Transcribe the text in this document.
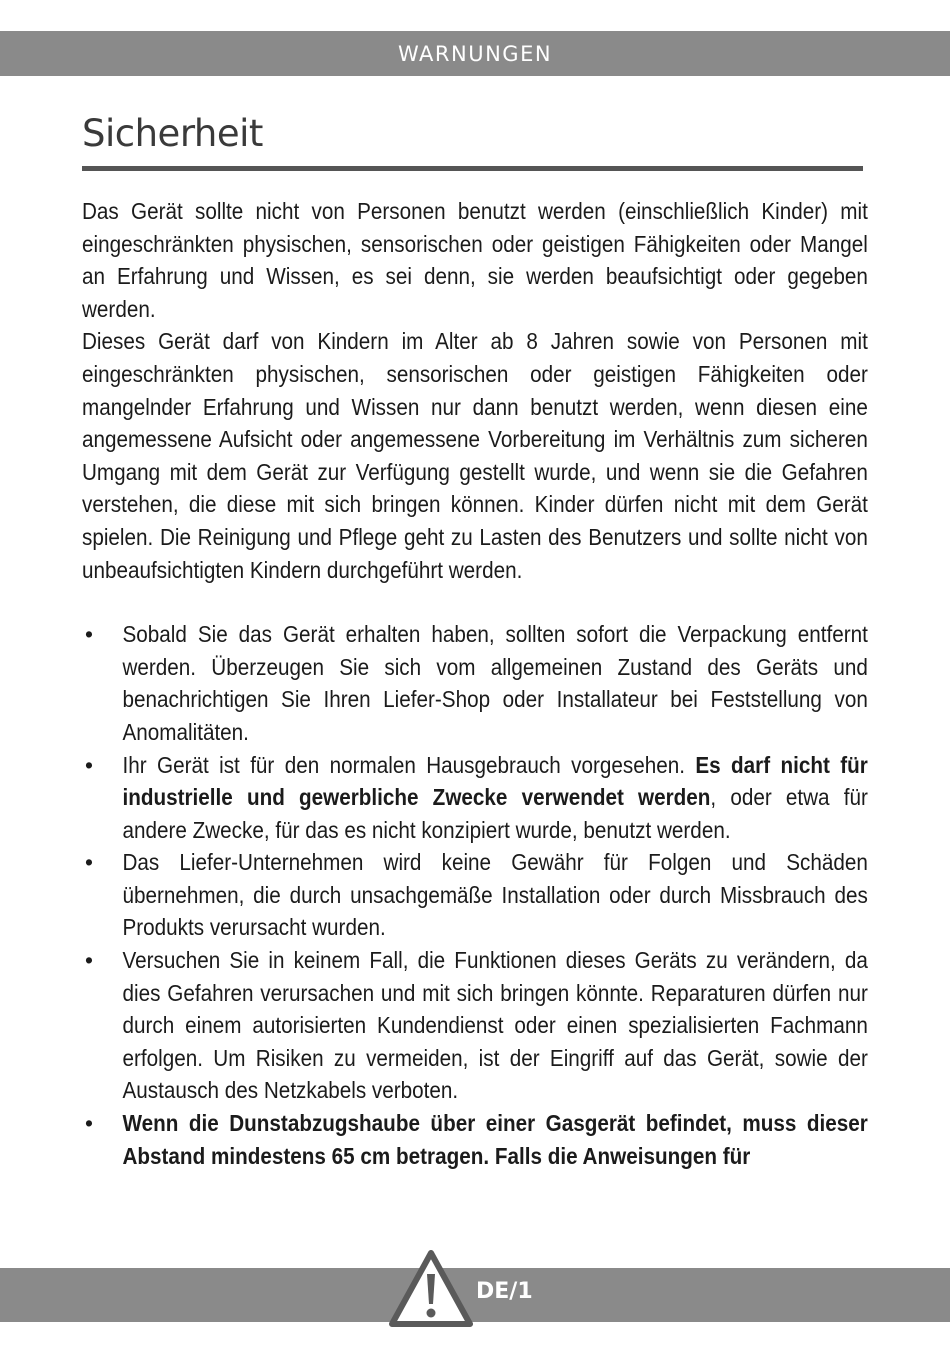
WARNUNGEN
Sicherheit

Das Gerät sollte nicht von Personen benutzt werden (einschließlich Kinder) mit eingeschränkten physischen, sensorischen oder geistigen Fähigkeiten oder Mangel an Erfahrung und Wissen, es sei denn, sie werden beaufsichtigt oder gegeben werden.

Dieses Gerät darf von Kindern im Alter ab 8 Jahren sowie von Personen mit eingeschränkten physischen, sensorischen oder geistigen Fähigkeiten oder mangelnder Erfahrung und Wissen nur dann benutzt werden, wenn diesen eine angemessene Aufsicht oder angemessene Vorbereitung im Verhältnis zum sicheren Umgang mit dem Gerät zur Verfügung gestellt wurde, und wenn sie die Gefahren verstehen, die diese mit sich bringen können. Kinder dürfen nicht mit dem Gerät spielen. Die Reinigung und Pflege geht zu Lasten des Benutzers und sollte nicht von unbeaufsichtigten Kindern durchgeführt werden.

• Sobald Sie das Gerät erhalten haben, sollten sofort die Verpackung entfernt werden. Überzeugen Sie sich vom allgemeinen Zustand des Geräts und benachrichtigen Sie Ihren Liefer-Shop oder Installateur bei Feststellung von Anomalitäten.
• Ihr Gerät ist für den normalen Hausgebrauch vorgesehen. Es darf nicht für industrielle und gewerbliche Zwecke verwendet werden, oder etwa für andere Zwecke, für das es nicht konzipiert wurde, benutzt werden.
• Das Liefer-Unternehmen wird keine Gewähr für Folgen und Schäden übernehmen, die durch unsachgemäße Installation oder durch Missbrauch des Produkts verursacht wurden.
• Versuchen Sie in keinem Fall, die Funktionen dieses Geräts zu verändern, da dies Gefahren verursachen und mit sich bringen könnte. Reparaturen dürfen nur durch einem autorisierten Kundendienst oder einen spezialisierten Fachmann erfolgen. Um Risiken zu vermeiden, ist der Eingriff auf das Gerät, sowie der Austausch des Netzkabels verboten.
• Wenn die Dunstabzugshaube über einer Gasgerät befindet, muss dieser Abstand mindestens 65 cm betragen. Falls die Anweisungen für
DE/1
